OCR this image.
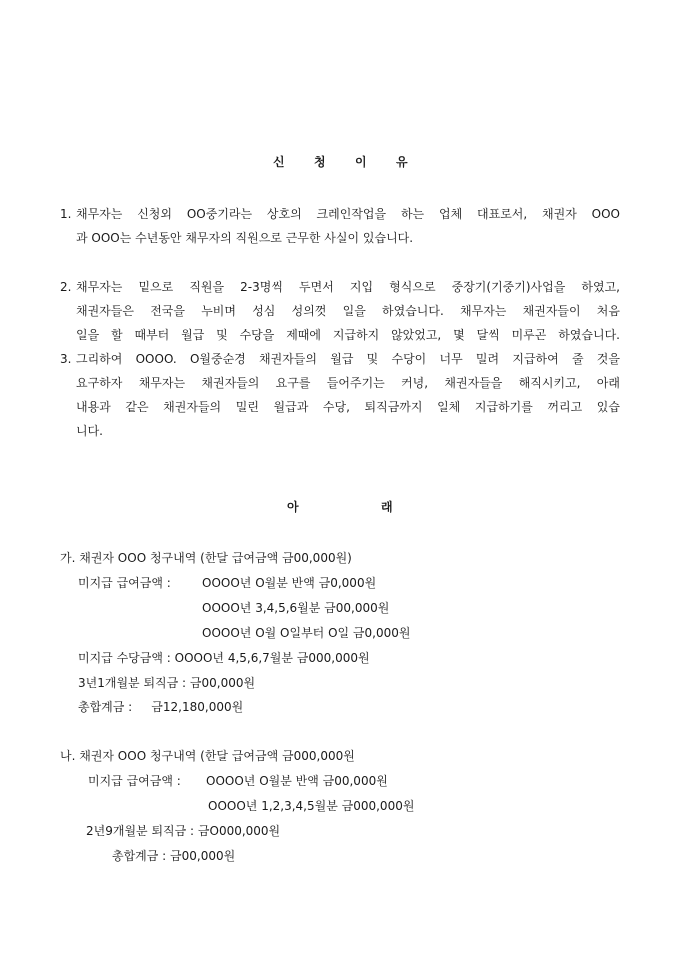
신 청 이 유
1. 채무자는 신청외 OO중기라는 상호의 크레인작업을 하는 업체 대표로서, 채권자 OOO
과 OOO는 수년동안 채무자의 직원으로 근무한 사실이 있습니다.
2. 채무자는 밑으로 직원을 2-3명씩 두면서 지입 형식으로 중장기(기중기)사업을 하였고,
채권자들은 전국을 누비며 성심 성의껏 일을 하였습니다. 채무자는 채권자들이 처음
일을 할 때부터 월급 및 수당을 제때에 지급하지 않았었고, 몇 달씩 미루곤 하였습니다.
3. 그리하여 OOOO. O월중순경 채권자들의 월급 및 수당이 너무 밀려 지급하여 줄 것을
요구하자 채무자는 채권자들의 요구를 들어주기는 커녕, 채권자들을 해직시키고, 아래
내용과 같은 채권자들의 밀린 월급과 수당, 퇴직금까지 일체 지급하기를 꺼리고 있습
니다.
아	래
가. 채권자 OOO 청구내역 (한달 급여금액 금00,000원)
미지급 급여금액 :	OOOO년 O월분 반액 금0,000원
OOOO년 3,4,5,6월분 금00,000원
OOOO년 O월 O일부터 O일 금0,000원
미지급 수당금액 : OOOO년 4,5,6,7월분 금000,000원
3년1개월분 퇴직금 : 금00,000원
총합계금 :     금12,180,000원
나. 채권자 OOO 청구내역 (한달 급여금액 금000,000원
미지급 급여금액 : OOOO년 O월분 반액 금00,000원
OOOO년 1,2,3,4,5월분 금000,000원
2년9개월분 퇴직금 : 금O000,000원
총합계금 : 금00,000원
